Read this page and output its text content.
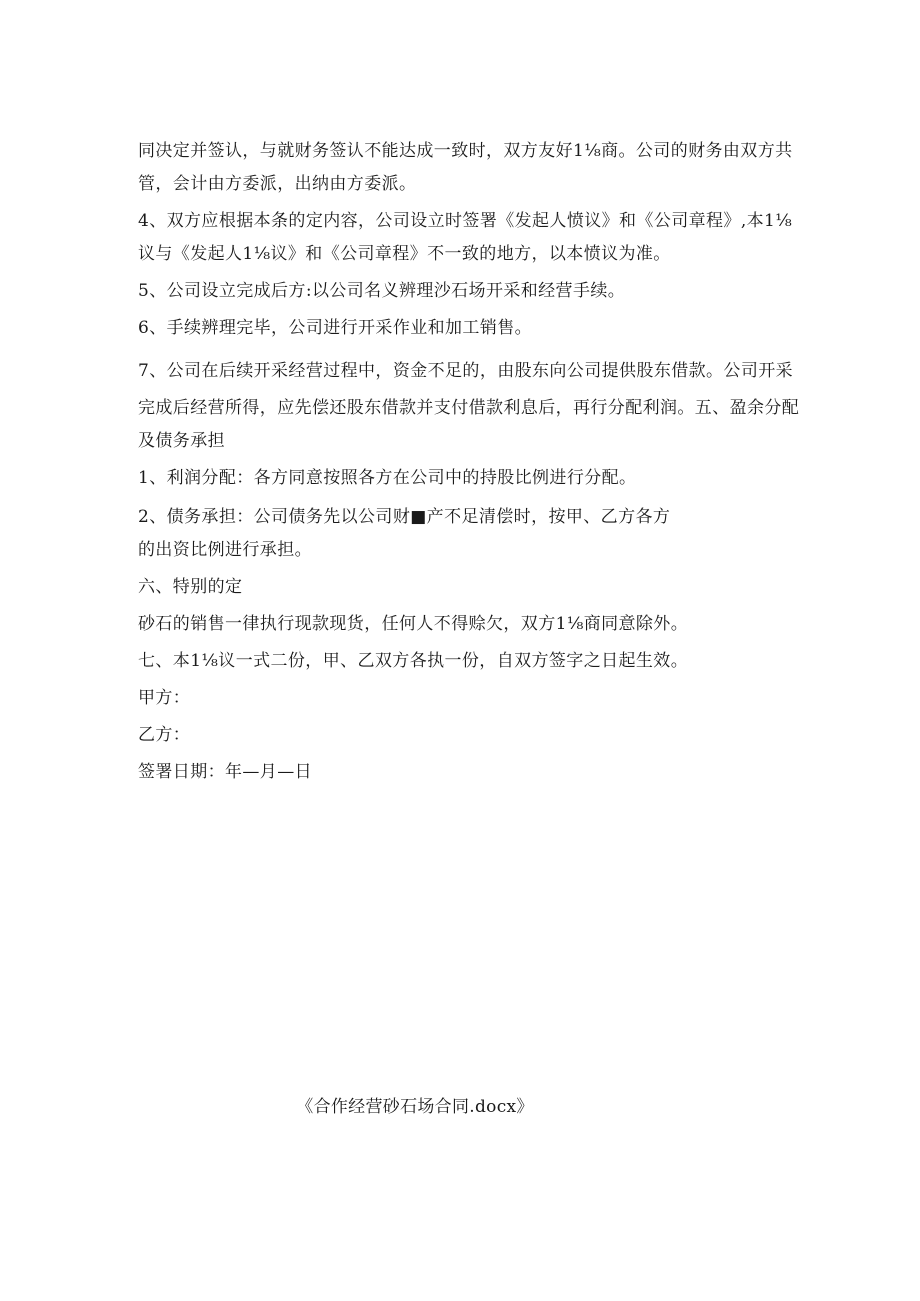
同决定并签认，与就财务签认不能达成一致时，双方友好1⅛商。公司的财务由双方共
管，会计由方委派，出纳由方委派。
4、双方应根据本条的定内容，公司设立时签署《发起人愤议》和《公司章程》,本1⅛
议与《发起人1⅛议》和《公司章程》不一致的地方，以本愤议为准。
5、公司设立完成后方:以公司名义辨理沙石场开采和经营手续。
6、手续辨理完毕，公司进行开采作业和加工销售。
7、公司在后续开采经营过程中，资金不足的，由股东向公司提供股东借款。公司开采
完成后经营所得，应先偿还股东借款并支付借款利息后，再行分配利润。五、盈余分配
及债务承担
1、利润分配：各方同意按照各方在公司中的持股比例进行分配。
2、债务承担：公司债务先以公司财■产不足清偿时，按甲、乙方各方
的出资比例进行承担。
六、特别的定
砂石的销售一律执行现款现货，任何人不得赊欠，双方1⅛商同意除外。
七、本1⅛议一式二份，甲、乙双方各执一份，自双方签字之日起生效。
甲方：
乙方：
签署日期：年—月—日
《合作经营砂石场合同.docx》
